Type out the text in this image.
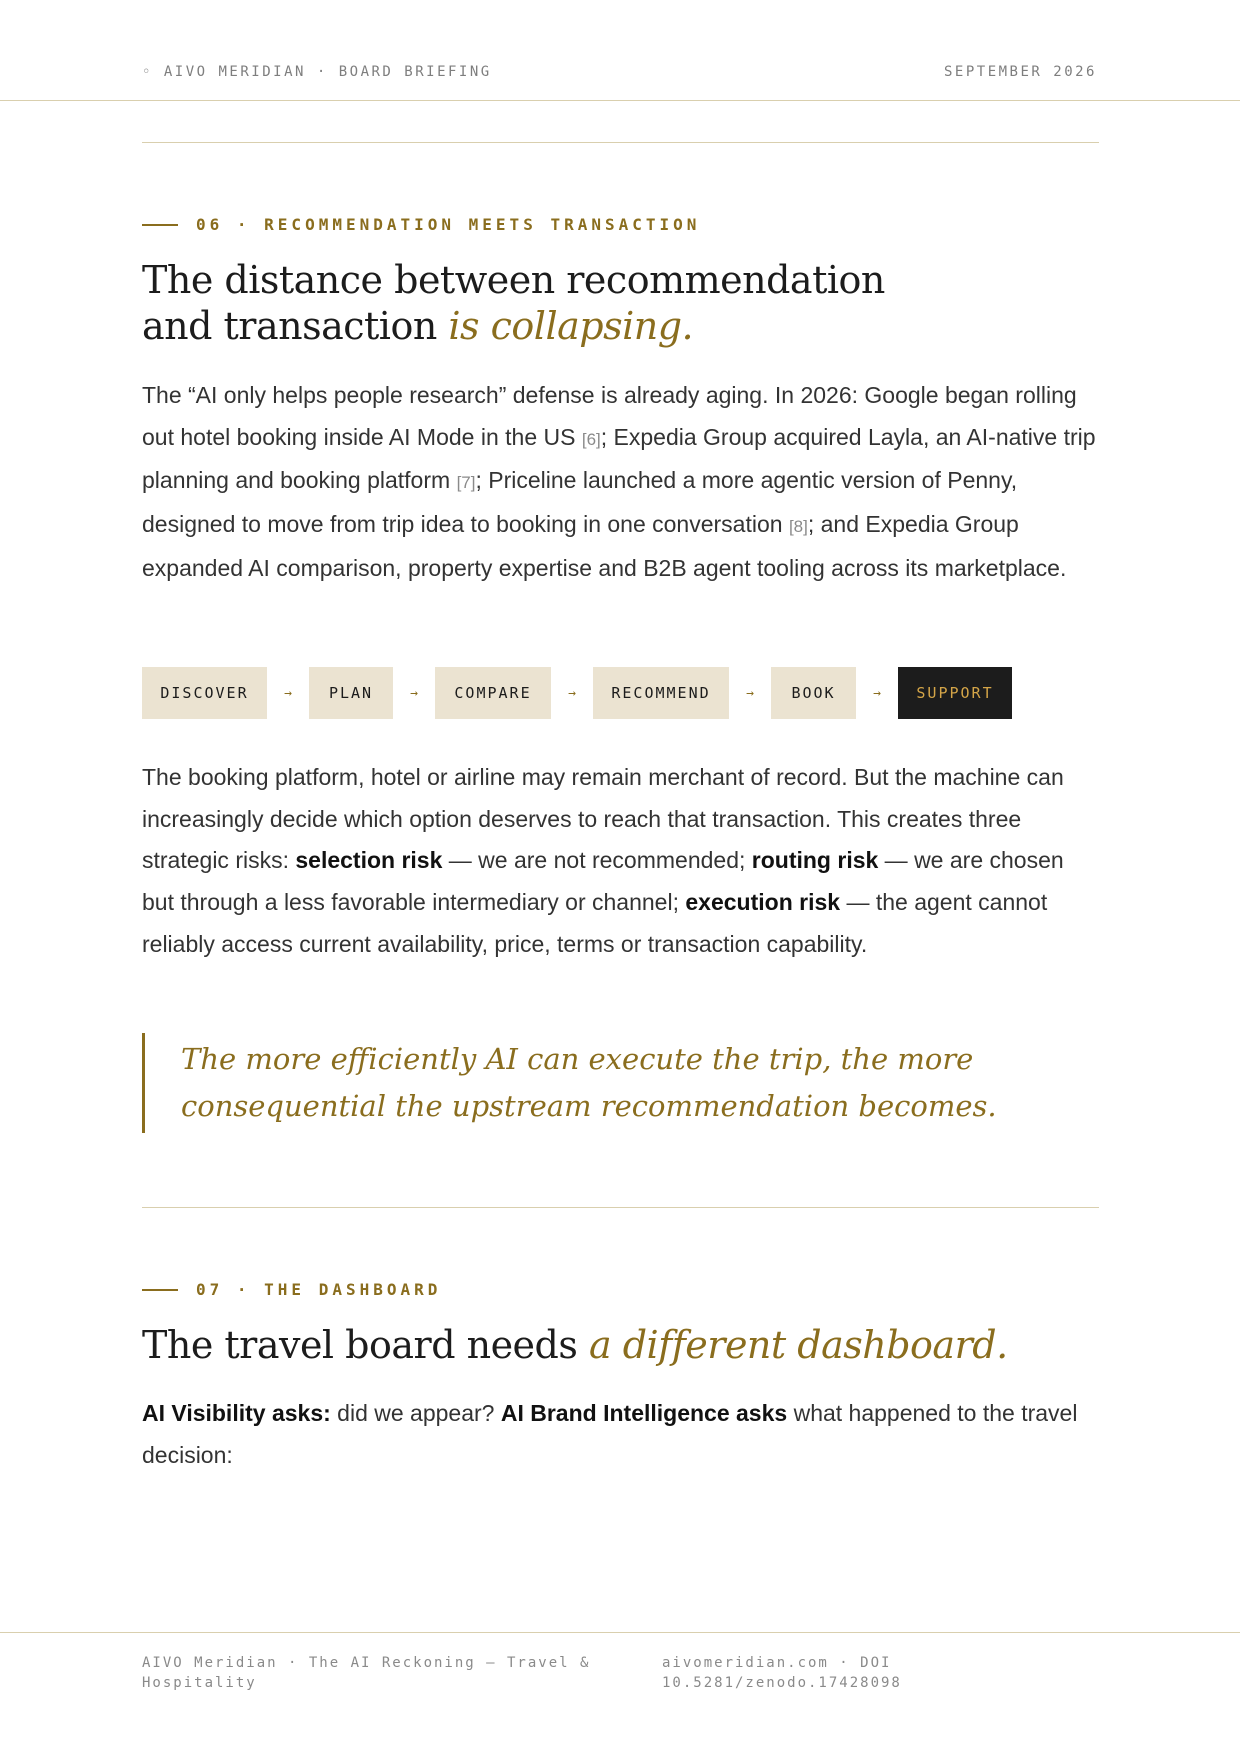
◦ AIVO MERIDIAN · BOARD BRIEFING	SEPTEMBER 2026
06 · RECOMMENDATION MEETS TRANSACTION
The distance between recommendation
and transaction is collapsing.
The “AI only helps people research” defense is already aging. In 2026: Google began rolling out hotel booking inside AI Mode in the US [6]; Expedia Group acquired Layla, an AI-native trip planning and booking platform [7]; Priceline launched a more agentic version of Penny, designed to move from trip idea to booking in one conversation [8]; and Expedia Group expanded AI comparison, property expertise and B2B agent tooling across its marketplace.
DISCOVER	→	PLAN	→	COMPARE	→	RECOMMEND	→	BOOK	→	SUPPORT
The booking platform, hotel or airline may remain merchant of record. But the machine can increasingly decide which option deserves to reach that transaction. This creates three strategic risks: selection risk — we are not recommended; routing risk — we are chosen but through a less favorable intermediary or channel; execution risk — the agent cannot reliably access current availability, price, terms or transaction capability.
The more efficiently AI can execute the trip, the more consequential the upstream recommendation becomes.
07 · THE DASHBOARD
The travel board needs a different dashboard.
AI Visibility asks: did we appear? AI Brand Intelligence asks what happened to the travel decision:
AIVO Meridian · The AI Reckoning — Travel & Hospitality
aivomeridian.com · DOI 10.5281/zenodo.17428098
